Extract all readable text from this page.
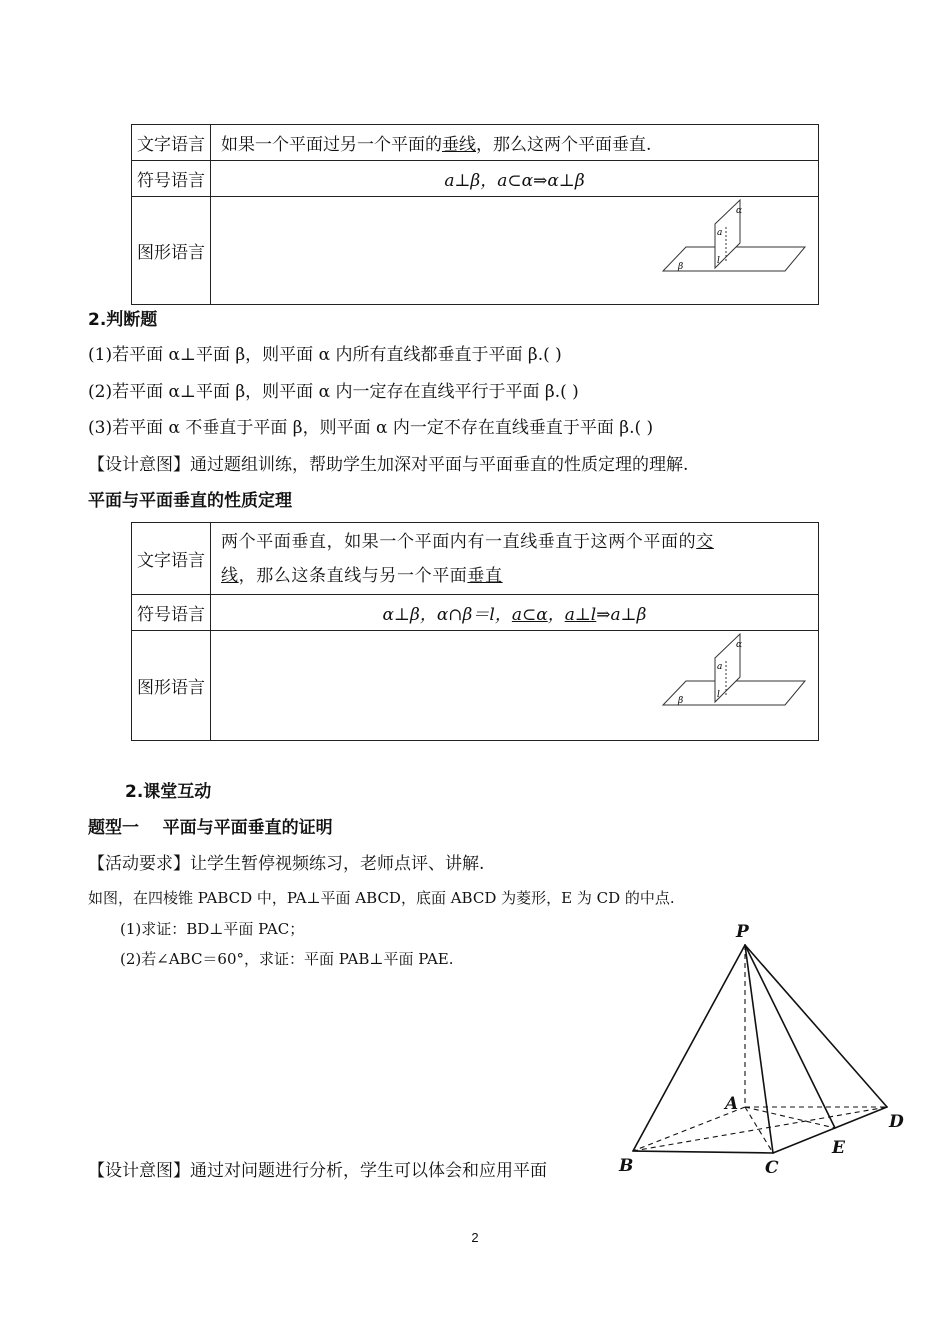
文字语言	如果一个平面过另一个平面的垂线，那么这两个平面垂直.
符号语言	a⊥β，a⊂α⇒α⊥β
图形语言	α
a
l
β
2.判断题
(1)若平面 α⊥平面 β，则平面 α 内所有直线都垂直于平面 β.( )
(2)若平面 α⊥平面 β，则平面 α 内一定存在直线平行于平面 β.( )
(3)若平面 α 不垂直于平面 β，则平面 α 内一定不存在直线垂直于平面 β.( )
【设计意图】通过题组训练，帮助学生加深对平面与平面垂直的性质定理的理解.
平面与平面垂直的性质定理
文字语言	两个平面垂直，如果一个平面内有一直线垂直于这两个平面的交
线，那么这条直线与另一个平面垂直
符号语言	α⊥β，α∩β＝l，a⊂α，a⊥l⇒a⊥β
图形语言	α
a
l
β
2.课堂互动
题型一    平面与平面垂直的证明
【活动要求】让学生暂停视频练习，老师点评、讲解.
如图，在四棱锥 PABCD 中，PA⊥平面 ABCD，底面 ABCD 为菱形，E 为 CD 的中点.
(1)求证：BD⊥平面 PAC；
(2)若∠ABC＝60°，求证：平面 PAB⊥平面 PAE.
P
A
B	C
D
E
【设计意图】通过对问题进行分析，学生可以体会和应用平面
2
